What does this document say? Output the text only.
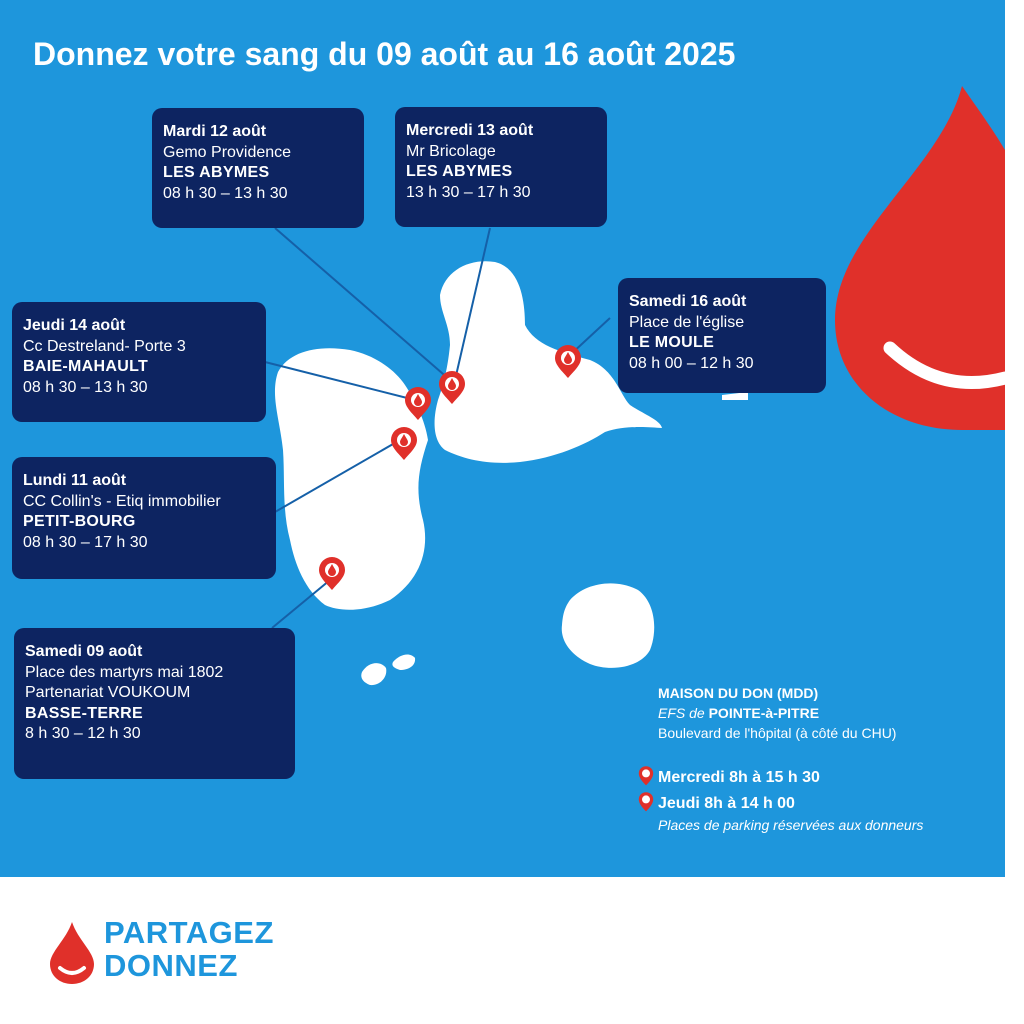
Donnez votre sang du 09 août au 16 août 2025
Mardi 12 août
Gemo Providence
LES ABYMES
08 h 30 – 13 h 30
Mercredi 13 août
Mr Bricolage
LES ABYMES
13 h 30 – 17 h 30
Samedi 16 août
Place de l'église
LE MOULE
08 h 00 – 12 h 30
Jeudi 14 août
Cc Destreland- Porte 3
BAIE-MAHAULT
08 h 30 – 13 h 30
Lundi 11 août
CC Collin's - Etiq immobilier
PETIT-BOURG
08 h 30 – 17 h 30
Samedi 09 août
Place des martyrs mai 1802
Partenariat VOUKOUM
BASSE-TERRE
8 h 30 – 12 h 30
MAISON DU DON (MDD)
EFS de POINTE-à-PITRE
Boulevard de l'hôpital (à côté du CHU)
Mercredi 8h à 15 h 30
Jeudi 8h à 14 h 00
Places de parking réservées aux donneurs
PARTAGEZ
DONNEZ
